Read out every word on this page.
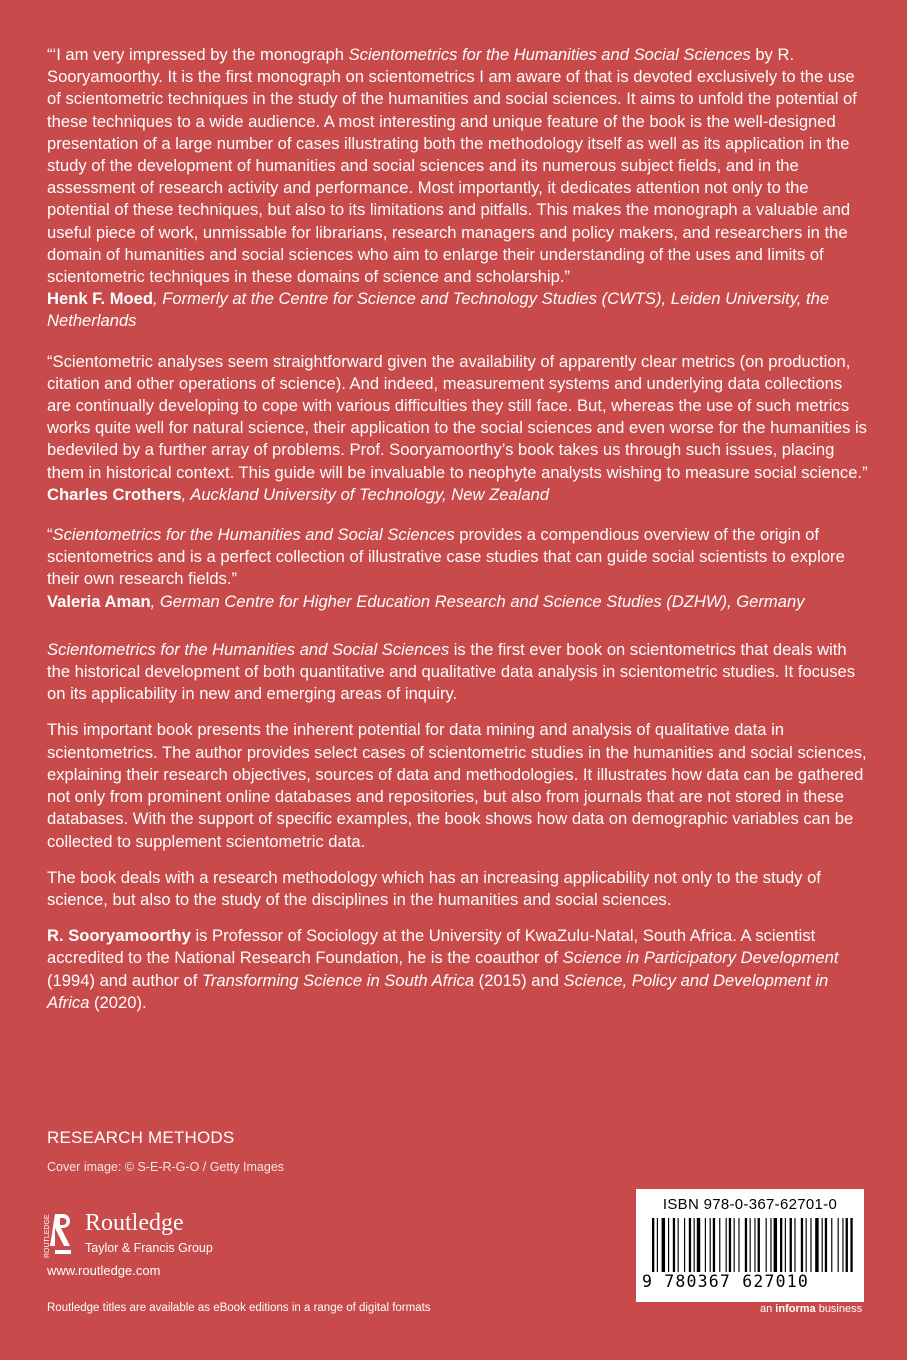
“‘I am very impressed by the monograph Scientometrics for the Humanities and Social Sciences by R. Sooryamoorthy. It is the first monograph on scientometrics I am aware of that is devoted exclusively to the use of scientometric techniques in the study of the humanities and social sciences. It aims to unfold the potential of these techniques to a wide audience. A most interesting and unique feature of the book is the well-designed presentation of a large number of cases illustrating both the methodology itself as well as its application in the study of the development of humanities and social sciences and its numerous subject fields, and in the assessment of research activity and performance. Most importantly, it dedicates attention not only to the potential of these techniques, but also to its limitations and pitfalls. This makes the monograph a valuable and useful piece of work, unmissable for librarians, research managers and policy makers, and researchers in the domain of humanities and social sciences who aim to enlarge their understanding of the uses and limits of scientometric techniques in these domains of science and scholarship.”
Henk F. Moed, Formerly at the Centre for Science and Technology Studies (CWTS), Leiden University, the Netherlands

“Scientometric analyses seem straightforward given the availability of apparently clear metrics (on production, citation and other operations of science). And indeed, measurement systems and underlying data collections are continually developing to cope with various difficulties they still face. But, whereas the use of such metrics works quite well for natural science, their application to the social sciences and even worse for the humanities is bedeviled by a further array of problems. Prof. Sooryamoorthy’s book takes us through such issues, placing them in historical context. This guide will be invaluable to neophyte analysts wishing to measure social science.”
Charles Crothers, Auckland University of Technology, New Zealand

“Scientometrics for the Humanities and Social Sciences provides a compendious overview of the origin of scientometrics and is a perfect collection of illustrative case studies that can guide social scientists to explore their own research fields.”
Valeria Aman, German Centre for Higher Education Research and Science Studies (DZHW), Germany

Scientometrics for the Humanities and Social Sciences is the first ever book on scientometrics that deals with the historical development of both quantitative and qualitative data analysis in scientometric studies. It focuses on its applicability in new and emerging areas of inquiry.

This important book presents the inherent potential for data mining and analysis of qualitative data in scientometrics. The author provides select cases of scientometric studies in the humanities and social sciences, explaining their research objectives, sources of data and methodologies. It illustrates how data can be gathered not only from prominent online databases and repositories, but also from journals that are not stored in these databases. With the support of specific examples, the book shows how data on demographic variables can be collected to supplement scientometric data.

The book deals with a research methodology which has an increasing applicability not only to the study of science, but also to the study of the disciplines in the humanities and social sciences.

R. Sooryamoorthy is Professor of Sociology at the University of KwaZulu-Natal, South Africa. A scientist accredited to the National Research Foundation, he is the coauthor of Science in Participatory Development (1994) and author of Transforming Science in South Africa (2015) and Science, Policy and Development in Africa (2020).

RESEARCH METHODS
Cover image: © S-E-R-G-O / Getty Images
ROUTLEDGE Routledge
Taylor & Francis Group
www.routledge.com
Routledge titles are available as eBook editions in a range of digital formats
ISBN 978-0-367-62701-0
9 780367 627010
an informa business
